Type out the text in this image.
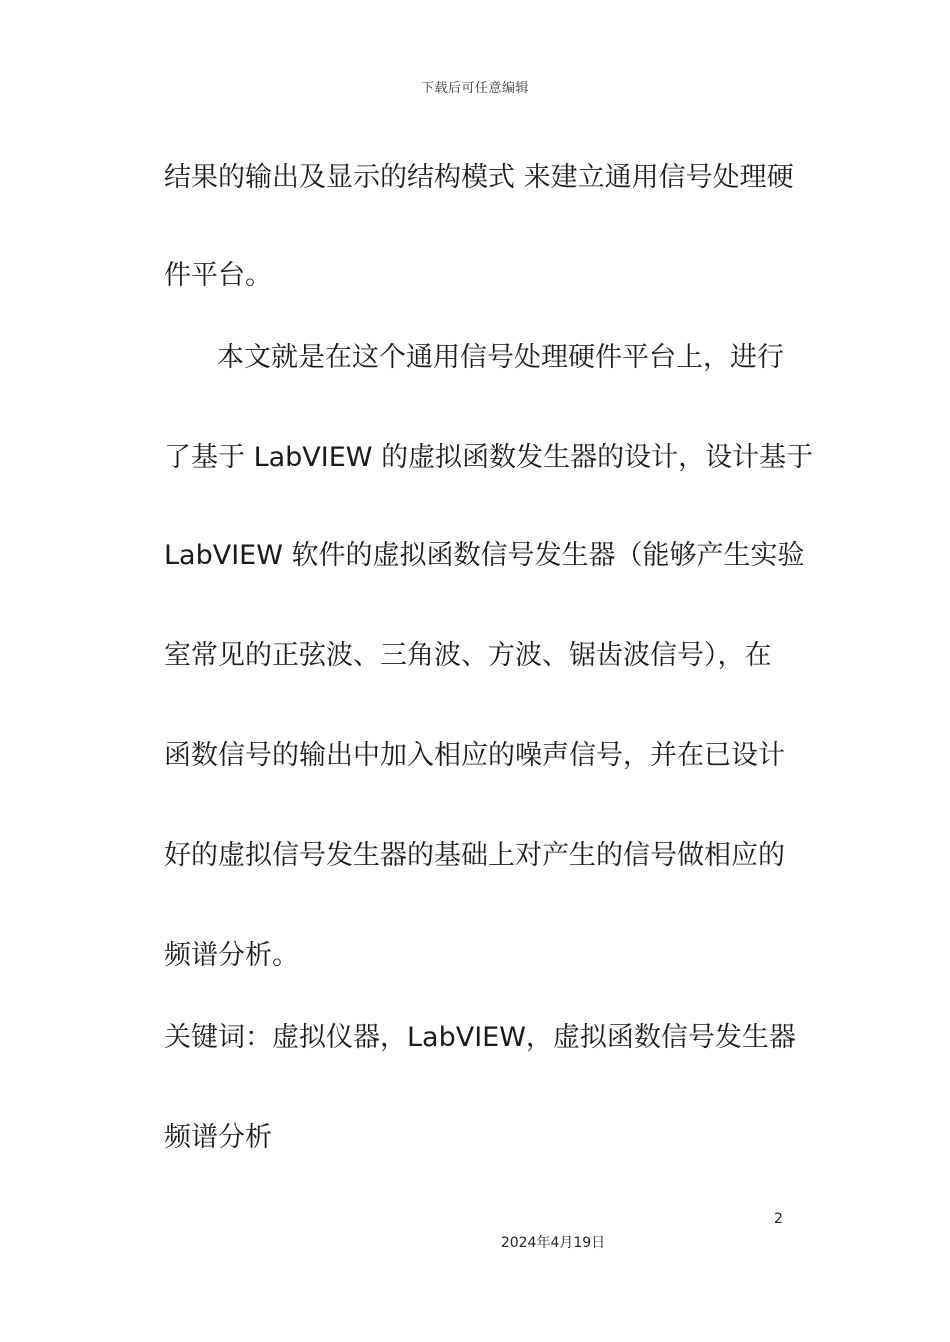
下载后可任意编辑
结果的输出及显示的结构模式 来建立通用信号处理硬
件平台。
本文就是在这个通用信号处理硬件平台上，进行
了基于 LabVIEW 的虚拟函数发生器的设计，设计基于
LabVIEW 软件的虚拟函数信号发生器（能够产生实验
室常见的正弦波、三角波、方波、锯齿波信号），在
函数信号的输出中加入相应的噪声信号，并在已设计
好的虚拟信号发生器的基础上对产生的信号做相应的
频谱分析。
关键词：虚拟仪器，LabVIEW，虚拟函数信号发生器
频谱分析
2
2024年4月19日
